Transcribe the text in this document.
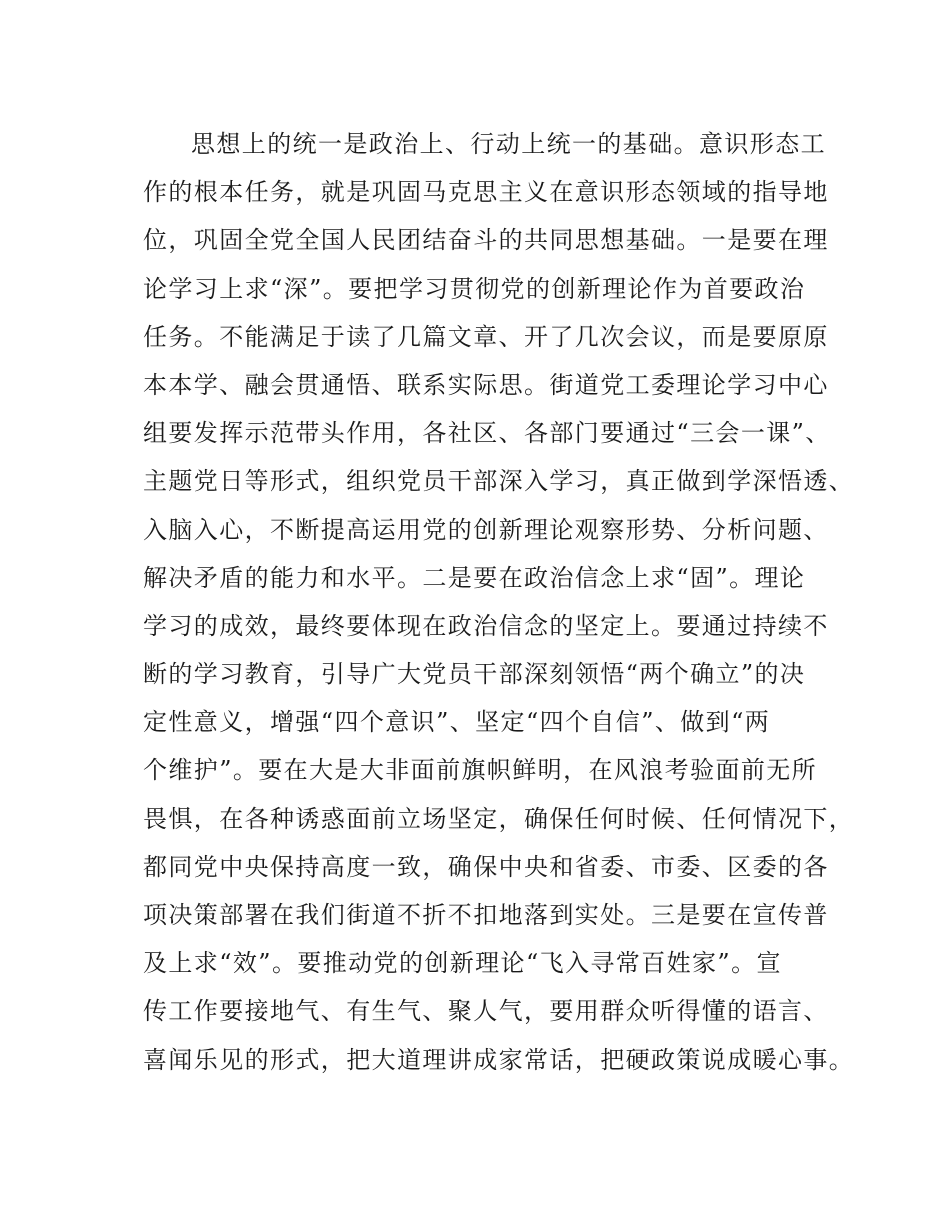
思想上的统一是政治上、行动上统一的基础。意识形态工
作的根本任务，就是巩固马克思主义在意识形态领域的指导地
位，巩固全党全国人民团结奋斗的共同思想基础。一是要在理
论学习上求“深”。要把学习贯彻党的创新理论作为首要政治
任务。不能满足于读了几篇文章、开了几次会议，而是要原原
本本学、融会贯通悟、联系实际思。街道党工委理论学习中心
组要发挥示范带头作用，各社区、各部门要通过“三会一课”、
主题党日等形式，组织党员干部深入学习，真正做到学深悟透、
入脑入心，不断提高运用党的创新理论观察形势、分析问题、
解决矛盾的能力和水平。二是要在政治信念上求“固”。理论
学习的成效，最终要体现在政治信念的坚定上。要通过持续不
断的学习教育，引导广大党员干部深刻领悟“两个确立”的决
定性意义，增强“四个意识”、坚定“四个自信”、做到“两
个维护”。要在大是大非面前旗帜鲜明，在风浪考验面前无所
畏惧，在各种诱惑面前立场坚定，确保任何时候、任何情况下，
都同党中央保持高度一致，确保中央和省委、市委、区委的各
项决策部署在我们街道不折不扣地落到实处。三是要在宣传普
及上求“效”。要推动党的创新理论“飞入寻常百姓家”。宣
传工作要接地气、有生气、聚人气，要用群众听得懂的语言、
喜闻乐见的形式，把大道理讲成家常话，把硬政策说成暖心事。
